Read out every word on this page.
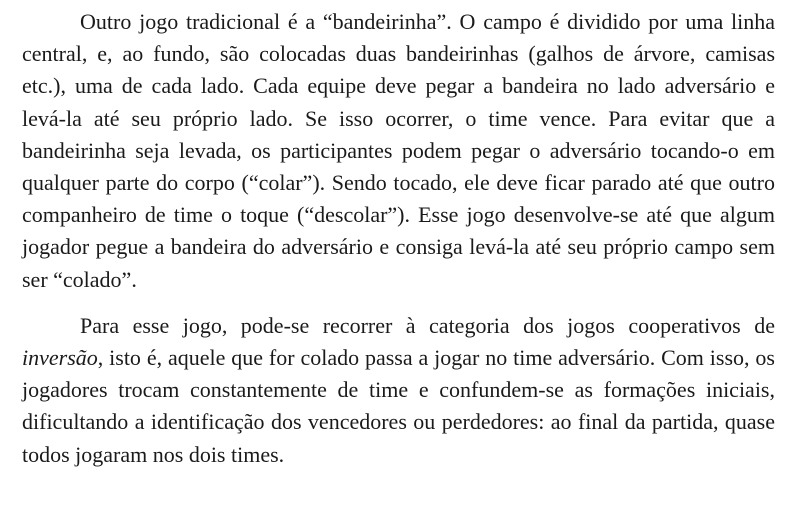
Outro jogo tradicional é a “bandeirinha”. O campo é dividido por uma linha central, e, ao fundo, são colocadas duas bandeirinhas (galhos de árvore, camisas etc.), uma de cada lado. Cada equipe deve pegar a bandeira no lado adversário e levá-la até seu próprio lado. Se isso ocorrer, o time vence. Para evitar que a bandeirinha seja levada, os participantes podem pegar o adversário tocando-o em qualquer parte do corpo (“colar”). Sendo tocado, ele deve ficar parado até que outro companheiro de time o toque (“descolar”). Esse jogo desenvolve-se até que algum jogador pegue a bandeira do adversário e consiga levá-la até seu próprio campo sem ser “colado”.

Para esse jogo, pode-se recorrer à categoria dos jogos cooperativos de inversão, isto é, aquele que for colado passa a jogar no time adversário. Com isso, os jogadores trocam constantemente de time e confundem-se as formações iniciais, dificultando a identificação dos vencedores ou perdedores: ao final da partida, quase todos jogaram nos dois times.
